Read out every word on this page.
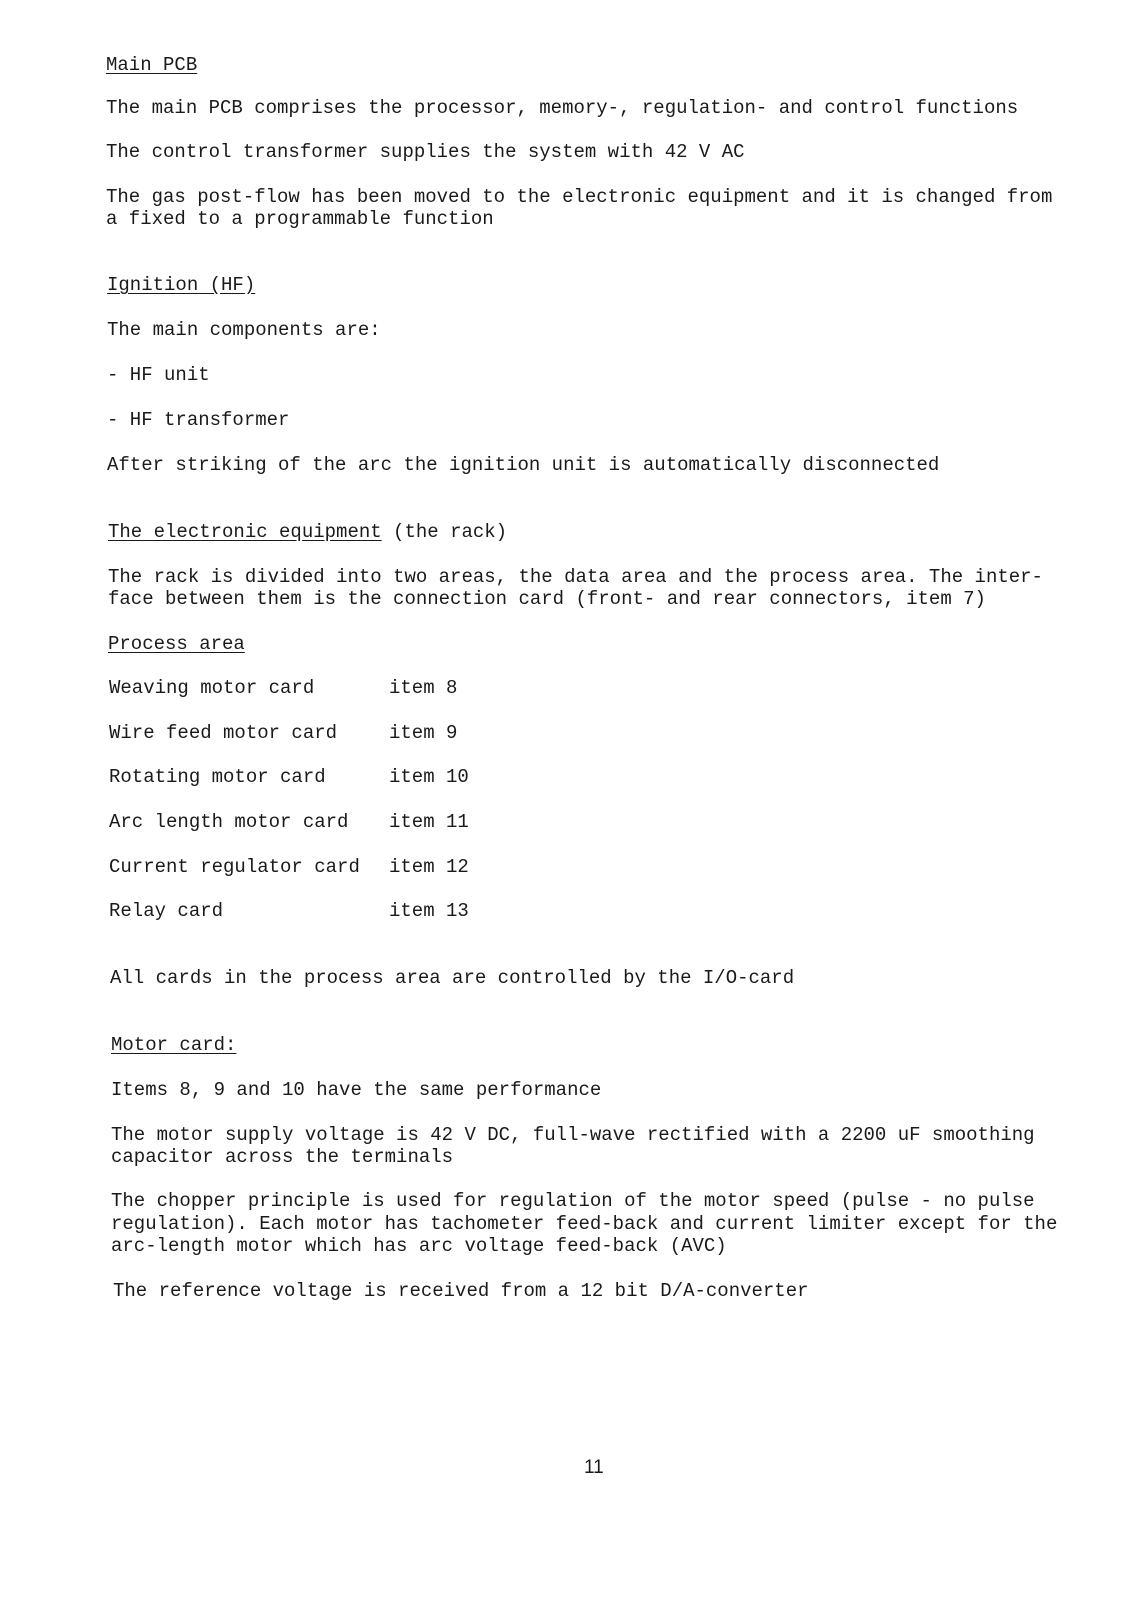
Main PCB

The main PCB comprises the processor, memory-, regulation- and control functions

The control transformer supplies the system with 42 V AC

The gas post-flow has been moved to the electronic equipment and it is changed from

a fixed to a programmable function

Ignition (HF)

The main components are:

- HF unit

- HF transformer

After striking of the arc the ignition unit is automatically disconnected

The electronic equipment (the rack)

The rack is divided into two areas, the data area and the process area. The inter-

face between them is the connection card (front- and rear connectors, item 7)

Process area

Weaving motor card	item 8

Wire feed motor card	item 9

Rotating motor card	item 10

Arc length motor card item 11

Current regulator card item 12

Relay card	item 13

All cards in the process area are controlled by the I/O-card

Motor card:

Items 8, 9 and 10 have the same performance

The motor supply voltage is 42 V DC, full-wave rectified with a 2200 uF smoothing

capacitor across the terminals

The chopper principle is used for regulation of the motor speed (pulse - no pulse

regulation). Each motor has tachometer feed-back and current limiter except for the

arc-length motor which has arc voltage feed-back (AVC)

The reference voltage is received from a 12 bit D/A-converter

11
